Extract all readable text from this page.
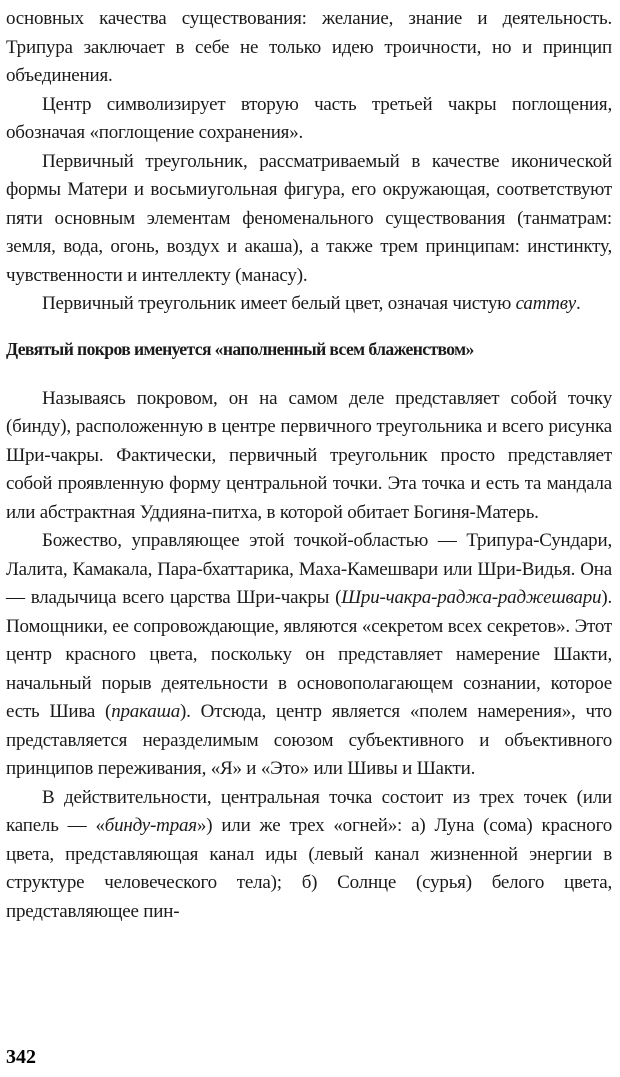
основных качества существования: желание, знание и деятельность. Трипура заключает в себе не только идею троичности, но и принцип объединения.

Центр символизирует вторую часть третьей чакры поглощения, обозначая «поглощение сохранения».

Первичный треугольник, рассматриваемый в качестве иконической формы Матери и восьмиугольная фигура, его окружающая, соответствуют пяти основным элементам феноменального существования (танматрам: земля, вода, огонь, воздух и акаша), а также трем принципам: инстинкту, чувственности и интеллекту (манасу).

Первичный треугольник имеет белый цвет, означая чистую саттву.

Девятый покров именуется «наполненный всем блаженством»

Называясь покровом, он на самом деле представляет собой точку (бинду), расположенную в центре первичного треугольника и всего рисунка Шри-чакры. Фактически, первичный треугольник просто представляет собой проявленную форму центральной точки. Эта точка и есть та мандала или абстрактная Уддияна-питха, в которой обитает Богиня-Матерь.

Божество, управляющее этой точкой-областью — Трипура-Сундари, Лалита, Камакала, Пара-бхаттарика, Маха-Камешвари или Шри-Видья. Она — владычица всего царства Шри-чакры (Шри-чакра-раджа-раджешвари). Помощники, ее сопровождающие, являются «секретом всех секретов». Этот центр красного цвета, поскольку он представляет намерение Шакти, начальный порыв деятельности в основополагающем сознании, которое есть Шива (пракаша). Отсюда, центр является «полем намерения», что представляется неразделимым союзом субъективного и объективного принципов переживания, «Я» и «Это» или Шивы и Шакти.

В действительности, центральная точка состоит из трех точек (или капель — «бинду-трая») или же трех «огней»: а) Луна (сома) красного цвета, представляющая канал иды (левый канал жизненной энергии в структуре человеческого тела); б) Солнце (сурья) белого цвета, представляющее пин-

342
